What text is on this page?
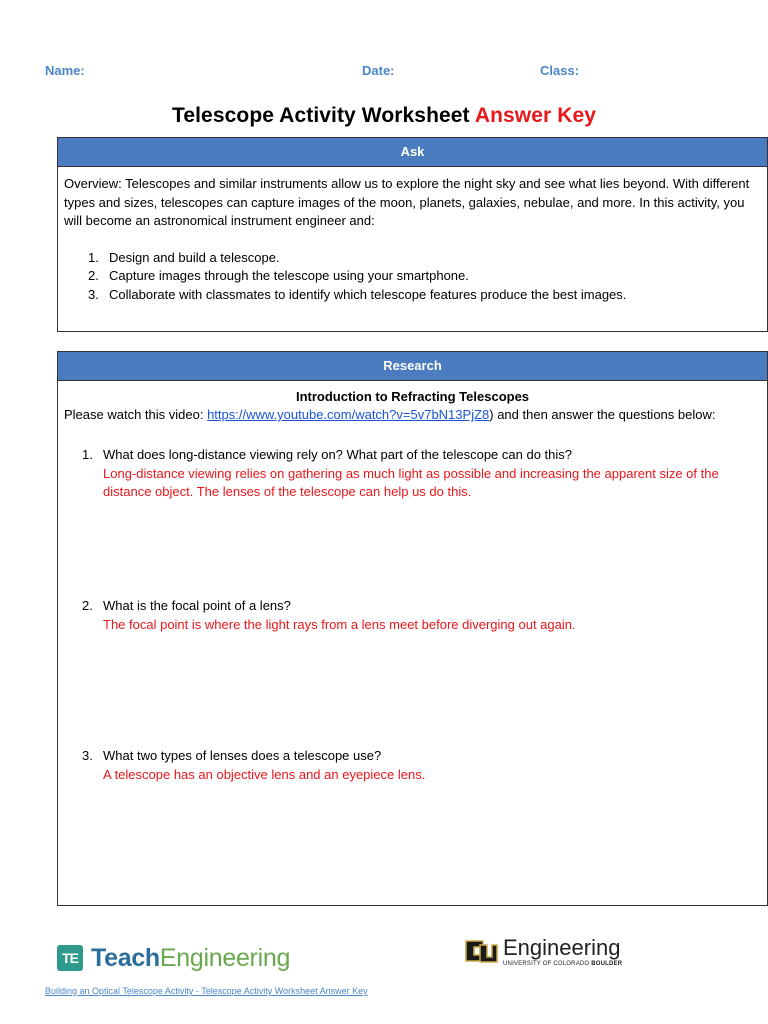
Name:	Date:	Class:
Telescope Activity Worksheet Answer Key
Ask
Overview: Telescopes and similar instruments allow us to explore the night sky and see what lies beyond. With different types and sizes, telescopes can capture images of the moon, planets, galaxies, nebulae, and more. In this activity, you will become an astronomical instrument engineer and:
1. Design and build a telescope.
2. Capture images through the telescope using your smartphone.
3. Collaborate with classmates to identify which telescope features produce the best images.
Research
Introduction to Refracting Telescopes
Please watch this video: https://www.youtube.com/watch?v=5v7bN13PjZ8) and then answer the questions below:
1. What does long-distance viewing rely on? What part of the telescope can do this?
Long-distance viewing relies on gathering as much light as possible and increasing the apparent size of the distance object. The lenses of the telescope can help us do this.
2. What is the focal point of a lens?
The focal point is where the light rays from a lens meet before diverging out again.
3. What two types of lenses does a telescope use?
A telescope has an objective lens and an eyepiece lens.
TE TeachEngineering	Engineering
UNIVERSITY OF COLORADO BOULDER
Building an Optical Telescope Activity - Telescope Activity Worksheet Answer Key
